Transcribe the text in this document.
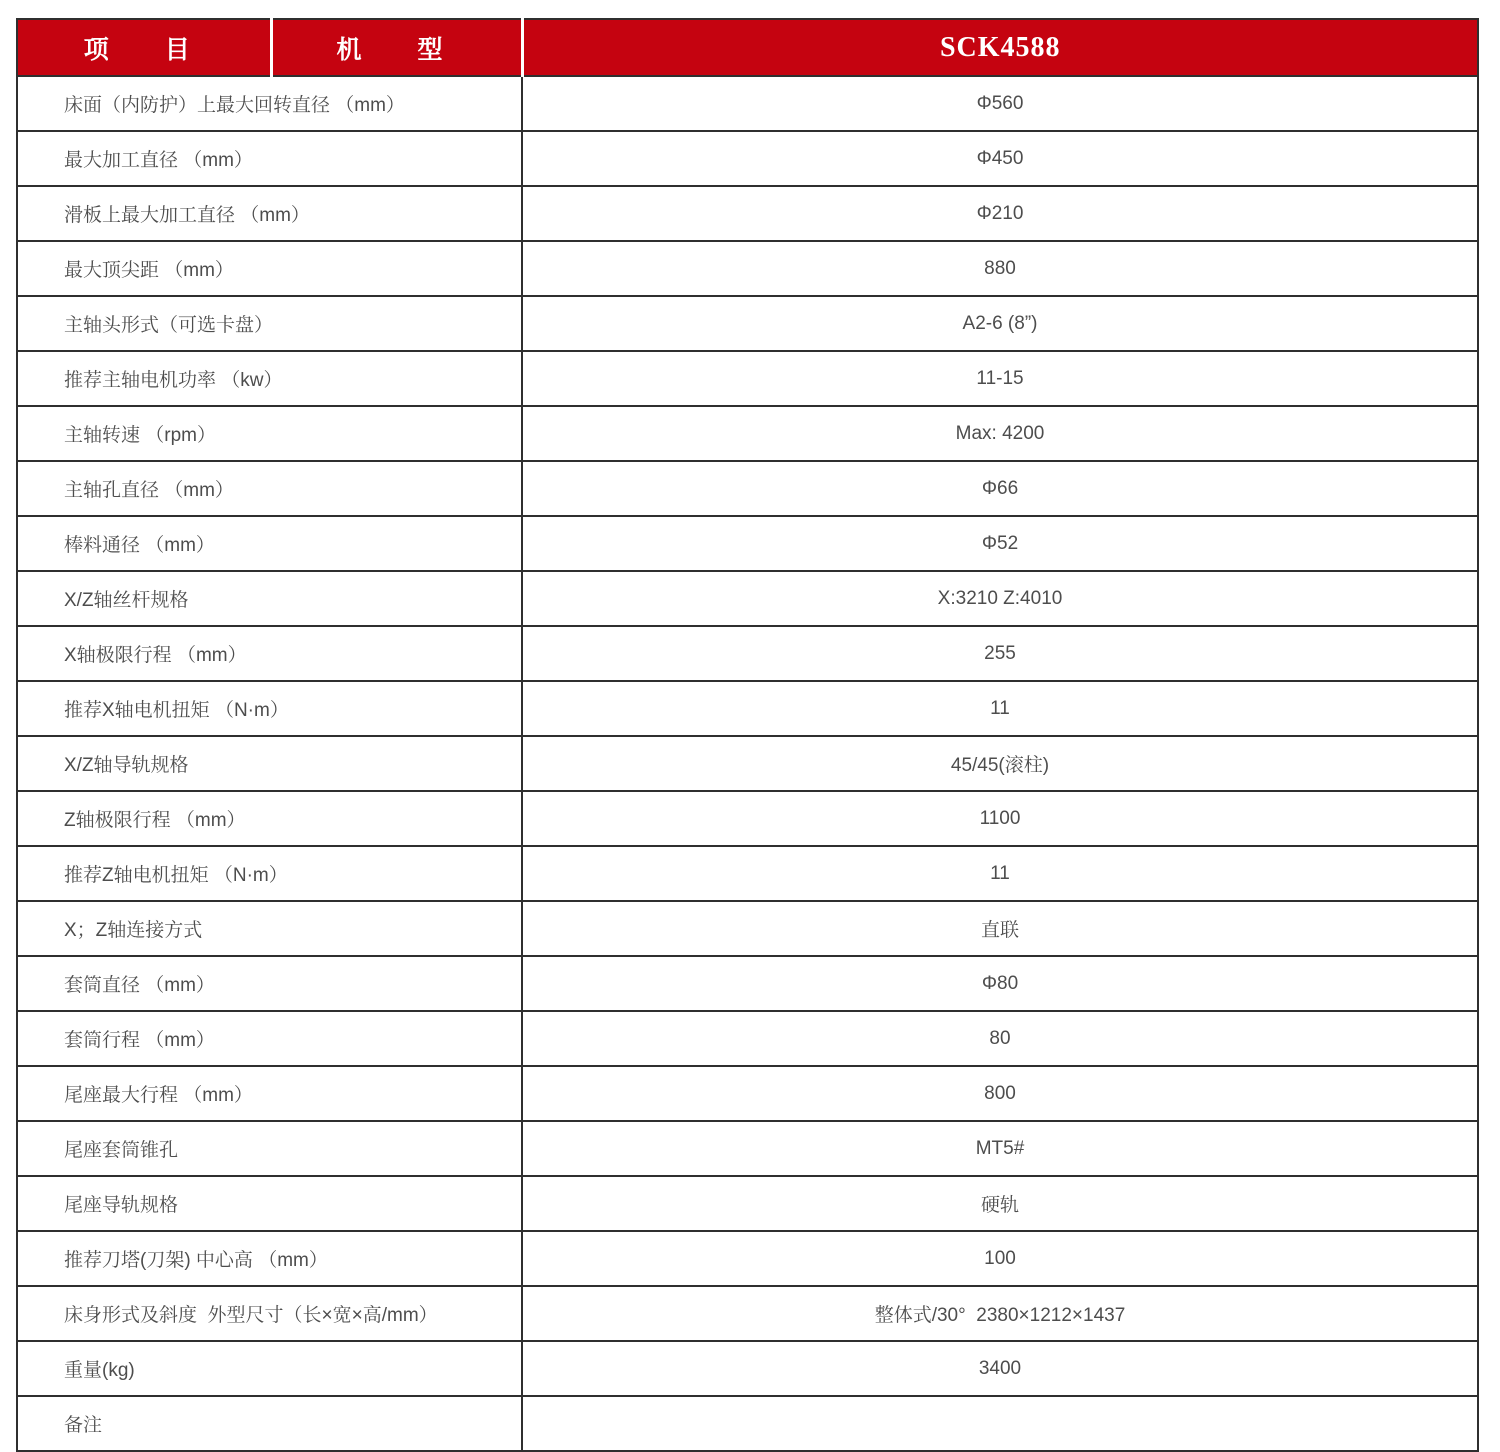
项  目	机  型	SCK4588
床面（内防护）上最大回转直径 （mm）		Φ560
最大加工直径 （mm）		Φ450
滑板上最大加工直径 （mm）		Φ210
最大顶尖距 （mm）		880
主轴头形式（可选卡盘）		A2-6 (8”)
推荐主轴电机功率 （kw）		11-15
主轴转速 （rpm）		Max: 4200
主轴孔直径 （mm）		Φ66
棒料通径 （mm）		Φ52
X/Z轴丝杆规格		X:3210 Z:4010
X轴极限行程 （mm）		255
推荐X轴电机扭矩 （N·m）		11
X/Z轴导轨规格		45/45(滚柱)
Z轴极限行程 （mm）		1100
推荐Z轴电机扭矩 （N·m）		11
X；Z轴连接方式		直联
套筒直径 （mm）		Φ80
套筒行程 （mm）		80
尾座最大行程 （mm）		800
尾座套筒锥孔		MT5#
尾座导轨规格		硬轨
推荐刀塔(刀架) 中心高 （mm）		100
床身形式及斜度  外型尺寸（长×宽×高/mm）		整体式/30°  2380×1212×1437
重量(kg)		3400
备注		
